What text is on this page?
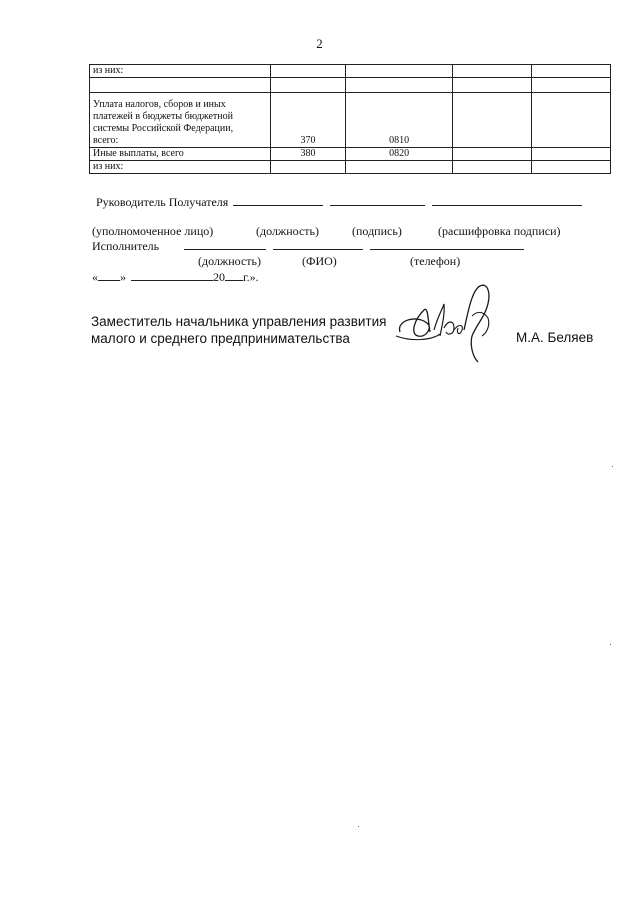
2
из них:				

Уплата налогов, сборов и иных
платежей в бюджеты бюджетной
системы Российской Федерации,
всего:	370	0810		
Иные выплаты, всего	380	0820		
из них:				
Руководитель Получателя
(уполномоченное лицо)	(должность)	(подпись)	(расшифровка подписи)
Исполнитель
(должность)	(ФИО)	(телефон)
« »	20 г.».
Заместитель начальника управления развития
малого и среднего предпринимательства	М.А. Беляев
